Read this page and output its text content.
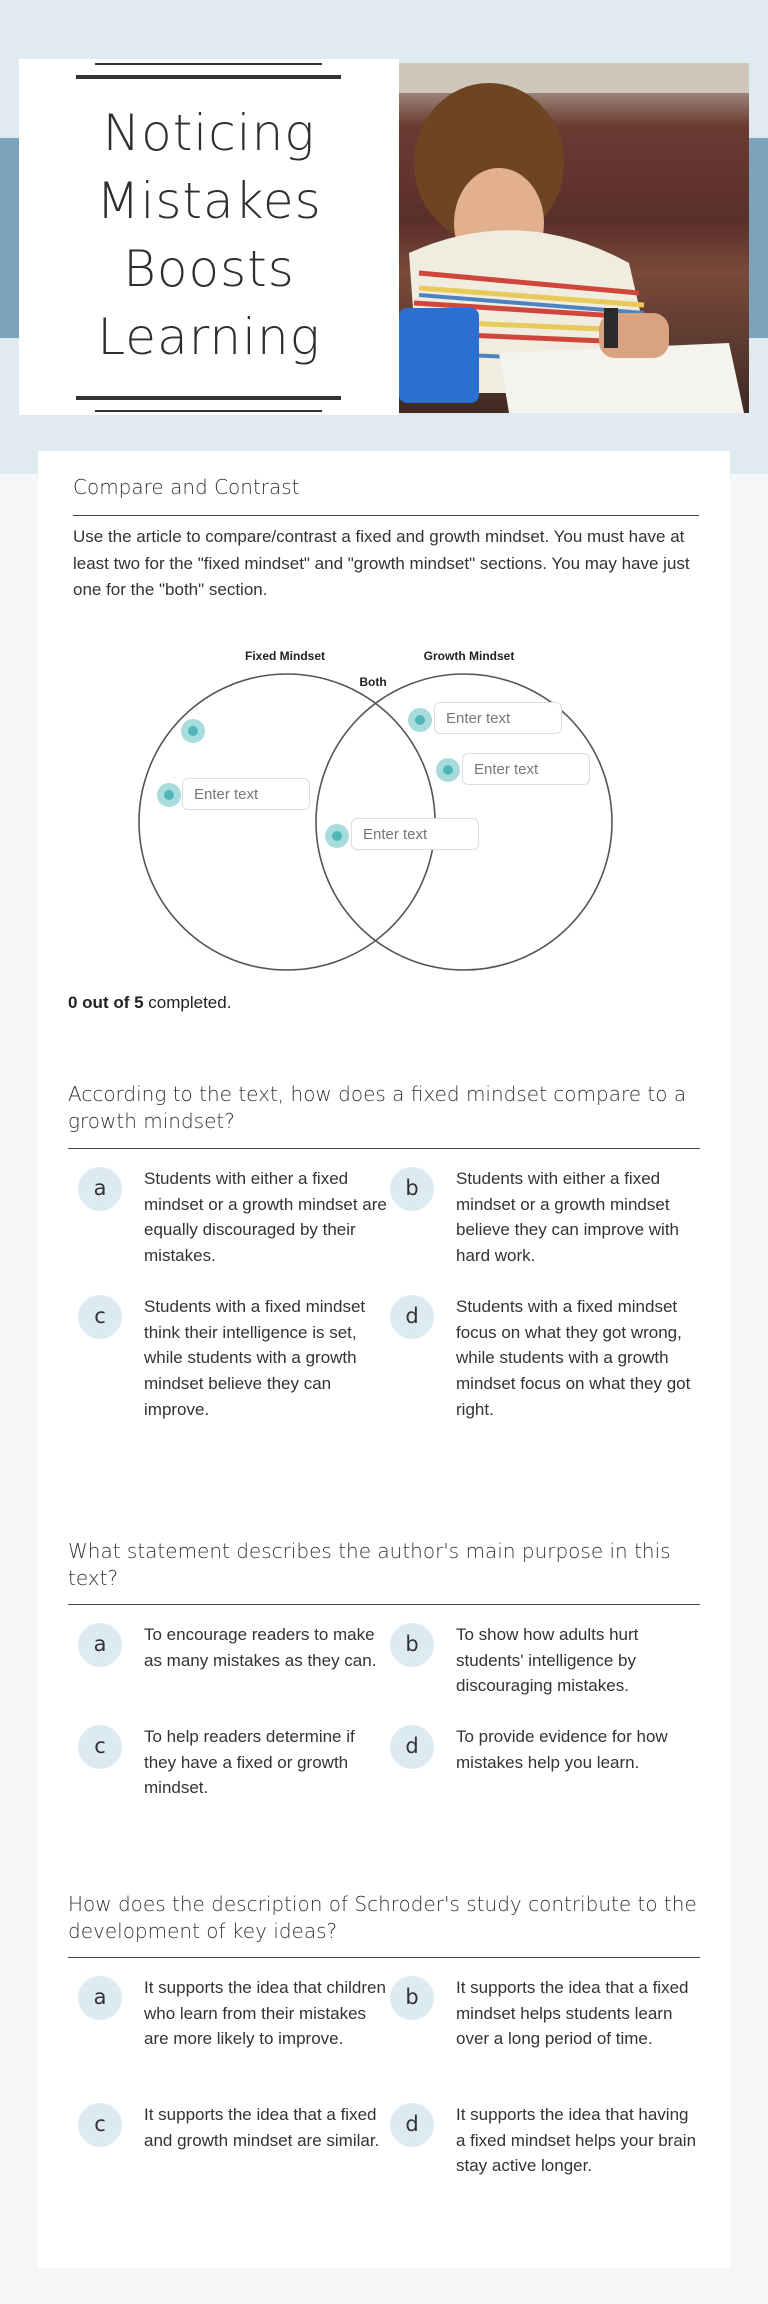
Noticing
Mistakes
Boosts
Learning
Compare and Contrast
Use the article to compare/contrast a fixed and growth mindset. You must have at least two for the "fixed mindset" and "growth mindset" sections. You may have just one for the "both" section.
Fixed Mindset	Growth Mindset
Both
Enter text
Enter text
Enter text
Enter text
0 out of 5 completed.
According to the text, how does a fixed mindset compare to a growth mindset?
a	Students with either a fixed mindset or a growth mindset are equally discouraged by their mistakes.
b	Students with either a fixed mindset or a growth mindset believe they can improve with hard work.
c	Students with a fixed mindset think their intelligence is set, while students with a growth mindset believe they can improve.
d	Students with a fixed mindset focus on what they got wrong, while students with a growth mindset focus on what they got right.
What statement describes the author's main purpose in this text?
a	To encourage readers to make as many mistakes as they can.
b	To show how adults hurt students' intelligence by discouraging mistakes.
c	To help readers determine if they have a fixed or growth mindset.
d	To provide evidence for how mistakes help you learn.
How does the description of Schroder's study contribute to the development of key ideas?
a	It supports the idea that children who learn from their mistakes are more likely to improve.
b	It supports the idea that a fixed mindset helps students learn over a long period of time.
c	It supports the idea that a fixed and growth mindset are similar.
d	It supports the idea that having a fixed mindset helps your brain stay active longer.
